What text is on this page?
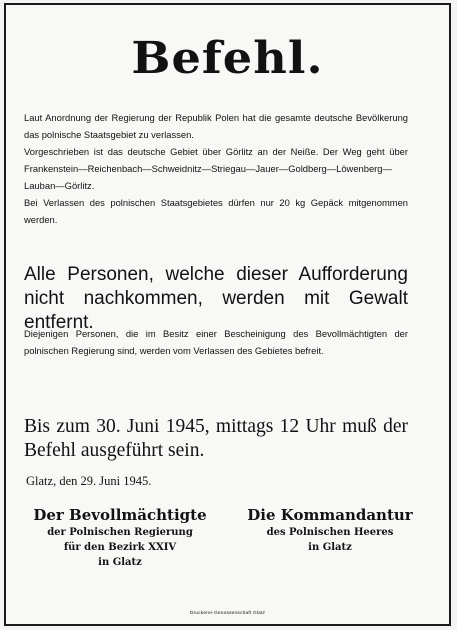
Befehl.

Laut Anordnung der Regierung der Republik Polen hat die gesamte deutsche Bevölkerung das polnische Staatsgebiet zu verlassen.

Vorgeschrieben ist das deutsche Gebiet über Görlitz an der Neiße. Der Weg geht über Frankenstein—Reichenbach—Schweidnitz—Striegau—Jauer—Goldberg—Löwenberg—Lauban—Görlitz.

Bei Verlassen des polnischen Staatsgebietes dürfen nur 20 kg Gepäck mitgenommen werden.

Alle Personen, welche dieser Aufforderung nicht nachkommen, werden mit Gewalt entfernt.
Diejenigen Personen, die im Besitz einer Bescheinigung des Bevollmächtigten der polnischen Regierung sind, werden vom Verlassen des Gebietes befreit.
Bis zum 30. Juni 1945, mittags 12 Uhr muß der Befehl ausgeführt sein.
Glatz, den 29. Juni 1945.
Der Bevollmächtigte
der Polnischen Regierung
für den Bezirk XXIV
in Glatz
Die Kommandantur
des Polnischen Heeres
in Glatz
Druckerei-Genossenschaft Glatz
